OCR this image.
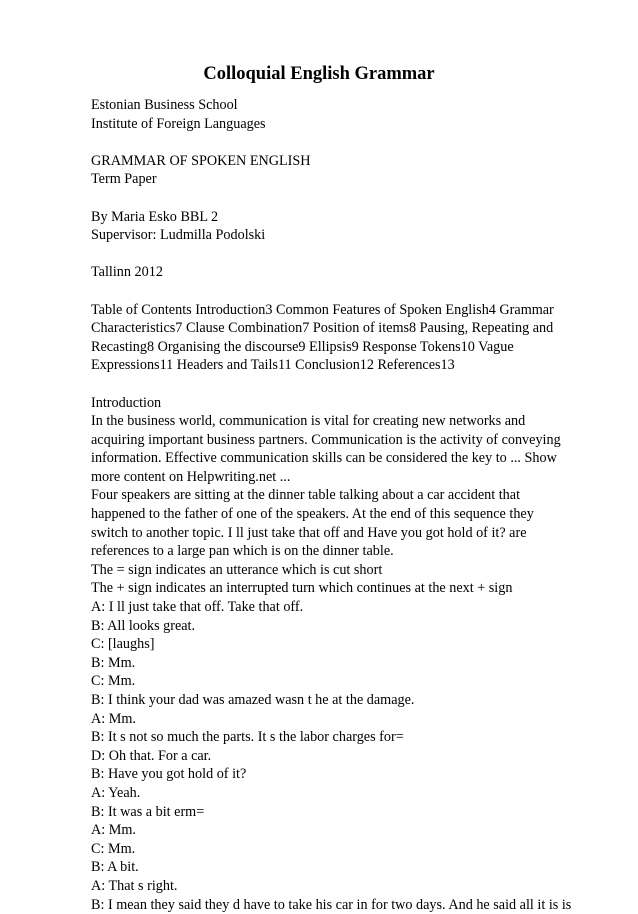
Colloquial English Grammar

Estonian Business School

Institute of Foreign Languages

GRAMMAR OF SPOKEN ENGLISH

Term Paper

By Maria Esko BBL 2

Supervisor: Ludmilla Podolski

Tallinn 2012

Table of Contents Introduction3 Common Features of Spoken English4 Grammar

Characteristics7 Clause Combination7 Position of items8 Pausing, Repeating and

Recasting8 Organising the discourse9 Ellipsis9 Response Tokens10 Vague

Expressions11 Headers and Tails11 Conclusion12 References13

Introduction

In the business world, communication is vital for creating new networks and

acquiring important business partners. Communication is the activity of conveying

information. Effective communication skills can be considered the key to ... Show

more content on Helpwriting.net ...

Four speakers are sitting at the dinner table talking about a car accident that

happened to the father of one of the speakers. At the end of this sequence they

switch to another topic. I ll just take that off and Have you got hold of it? are

references to a large pan which is on the dinner table.

The = sign indicates an utterance which is cut short

The + sign indicates an interrupted turn which continues at the next + sign

A: I ll just take that off. Take that off.

B: All looks great.

C: [laughs]

B: Mm.

C: Mm.

B: I think your dad was amazed wasn t he at the damage.

A: Mm.

B: It s not so much the parts. It s the labor charges for=

D: Oh that. For a car.

B: Have you got hold of it?

A: Yeah.

B: It was a bit erm=

A: Mm.

C: Mm.

B: A bit.

A: That s right.

B: I mean they said they d have to take his car in for two days. And he said all it is is
